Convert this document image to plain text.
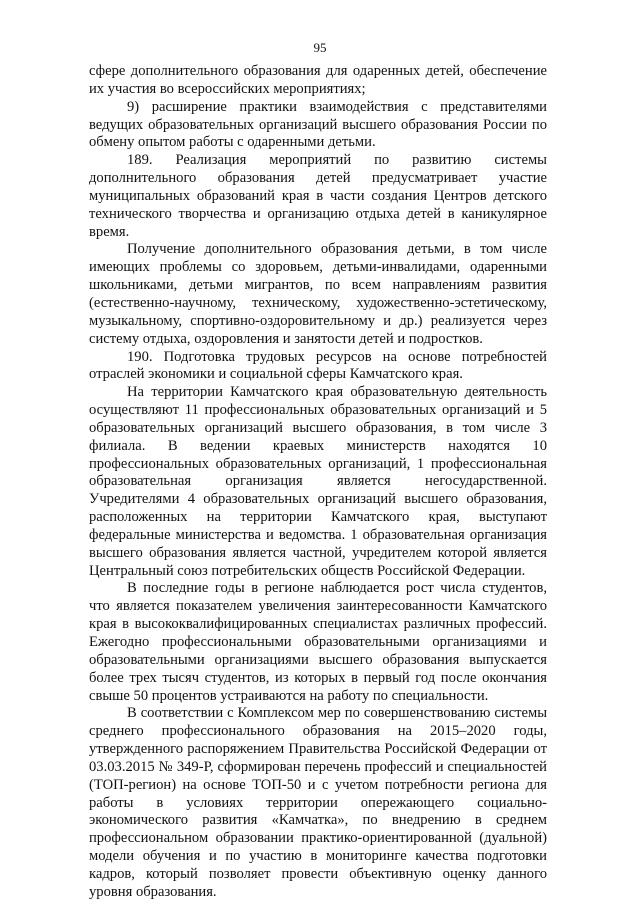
95

сфере дополнительного образования для одаренных детей, обеспечение их участия во всероссийских мероприятиях;

9) расширение практики взаимодействия с представителями ведущих образовательных организаций высшего образования России по обмену опытом работы с одаренными детьми.

189. Реализация мероприятий по развитию системы дополнительного образования детей предусматривает участие муниципальных образований края в части создания Центров детского технического творчества и организацию отдыха детей в каникулярное время.

Получение дополнительного образования детьми, в том числе имеющих проблемы со здоровьем, детьми-инвалидами, одаренными школьниками, детьми мигрантов, по всем направлениям развития (естественно-научному, техническому, художественно-эстетическому, музыкальному, спортивно-оздоровительному и др.) реализуется через систему отдыха, оздоровления и занятости детей и подростков.

190. Подготовка трудовых ресурсов на основе потребностей отраслей экономики и социальной сферы Камчатского края.

На территории Камчатского края образовательную деятельность осуществляют 11 профессиональных образовательных организаций и 5 образовательных организаций высшего образования, в том числе 3 филиала. В ведении краевых министерств находятся 10 профессиональных образовательных организаций, 1 профессиональная образовательная организация является негосударственной. Учредителями 4 образовательных организаций высшего образования, расположенных на территории Камчатского края, выступают федеральные министерства и ведомства. 1 образовательная организация высшего образования является частной, учредителем которой является Центральный союз потребительских обществ Российской Федерации.

В последние годы в регионе наблюдается рост числа студентов, что является показателем увеличения заинтересованности Камчатского края в высококвалифицированных специалистах различных профессий. Ежегодно профессиональными образовательными организациями и образовательными организациями высшего образования выпускается более трех тысяч студентов, из которых в первый год после окончания свыше 50 процентов устраиваются на работу по специальности.

В соответствии с Комплексом мер по совершенствованию системы среднего профессионального образования на 2015–2020 годы, утвержденного распоряжением Правительства Российской Федерации от 03.03.2015 № 349-Р, сформирован перечень профессий и специальностей (ТОП-регион) на основе ТОП-50 и с учетом потребности региона для работы в условиях территории опережающего социально-экономического развития «Камчатка», по внедрению в среднем профессиональном образовании практико-ориентированной (дуальной) модели обучения и по участию в мониторинге качества подготовки кадров, который позволяет провести объективную оценку данного уровня образования.
